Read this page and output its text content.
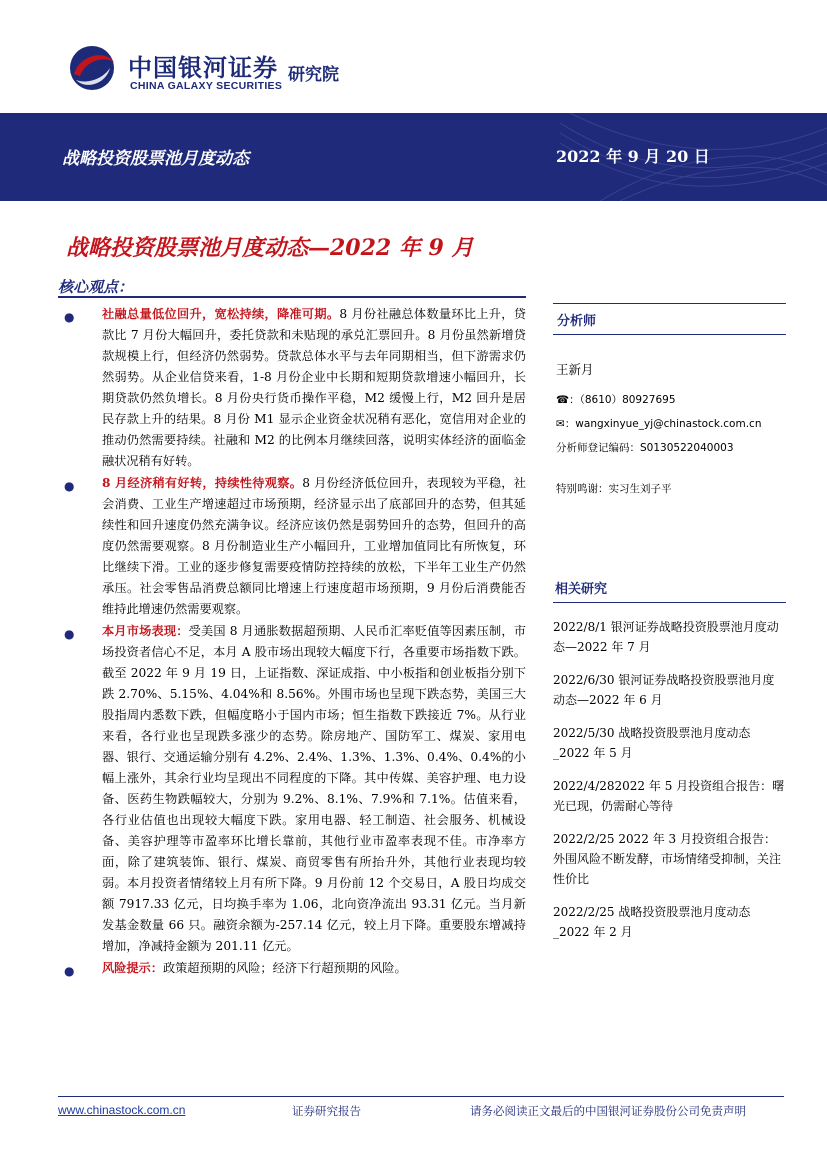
中国银河证券
CHINA GALAXY SECURITIES
研究院
战略投资股票池月度动态	2022 年 9 月 20 日
战略投资股票池月度动态—2022 年 9 月
核心观点：
● 社融总量低位回升，宽松持续，降准可期。8 月份社融总体数量环比上升，贷款比 7 月份大幅回升，委托贷款和未贴现的承兑汇票回升。8 月份虽然新增贷款规模上行，但经济仍然弱势。贷款总体水平与去年同期相当，但下游需求仍然弱势。从企业信贷来看，1-8 月份企业中长期和短期贷款增速小幅回升，长期贷款仍然负增长。8 月份央行货币操作平稳，M2 缓慢上行，M2 回升是居民存款上升的结果。8 月份 M1 显示企业资金状况稍有恶化，宽信用对企业的推动仍然需要持续。社融和 M2 的比例本月继续回落，说明实体经济的面临金融状况稍有好转。
● 8 月经济稍有好转，持续性待观察。8 月份经济低位回升，表现较为平稳，社会消费、工业生产增速超过市场预期，经济显示出了底部回升的态势，但其延续性和回升速度仍然充满争议。经济应该仍然是弱势回升的态势，但回升的高度仍然需要观察。8 月份制造业生产小幅回升，工业增加值同比有所恢复，环比继续下滑。工业的逐步修复需要疫情防控持续的放松，下半年工业生产仍然承压。社会零售品消费总额同比增速上行速度超市场预期，9 月份后消费能否维持此增速仍然需要观察。
● 本月市场表现：受美国 8 月通胀数据超预期、人民币汇率贬值等因素压制，市场投资者信心不足，本月 A 股市场出现较大幅度下行，各重要市场指数下跌。截至 2022 年 9 月 19 日，上证指数、深证成指、中小板指和创业板指分别下跌 2.70%、5.15%、4.04%和 8.56%。外围市场也呈现下跌态势，美国三大股指周内悉数下跌，但幅度略小于国内市场；恒生指数下跌接近 7%。从行业来看，各行业也呈现跌多涨少的态势。除房地产、国防军工、煤炭、家用电器、银行、交通运输分别有 4.2%、2.4%、1.3%、1.3%、0.4%、0.4%的小幅上涨外，其余行业均呈现出不同程度的下降。其中传媒、美容护理、电力设备、医药生物跌幅较大，分别为 9.2%、8.1%、7.9%和 7.1%。估值来看，各行业估值也出现较大幅度下跌。家用电器、轻工制造、社会服务、机械设备、美容护理等市盈率环比增长靠前，其他行业市盈率表现不佳。市净率方面，除了建筑装饰、银行、煤炭、商贸零售有所抬升外，其他行业表现均较弱。本月投资者情绪较上月有所下降。9 月份前 12 个交易日，A 股日均成交额 7917.33 亿元，日均换手率为 1.06，北向资净流出 93.31 亿元。当月新发基金数量 66 只。融资余额为-257.14 亿元，较上月下降。重要股东增减持增加，净减持金额为 201.11 亿元。
● 风险提示：政策超预期的风险；经济下行超预期的风险。
分析师
王新月
☎：（8610）80927695
✉：wangxinyue_yj@chinastock.com.cn
分析师登记编码：S0130522040003
特别鸣谢：实习生刘子平
相关研究
2022/8/1 银河证券战略投资股票池月度动态—2022 年 7 月
2022/6/30 银河证券战略投资股票池月度动态—2022 年 6 月
2022/5/30 战略投资股票池月度动态_2022 年 5 月
2022/4/282022 年 5 月投资组合报告：曙光已现，仍需耐心等待
2022/2/25 2022 年 3 月投资组合报告：外围风险不断发酵，市场情绪受抑制，关注性价比
2022/2/25 战略投资股票池月度动态_2022 年 2 月
www.chinastock.com.cn	证券研究报告	请务必阅读正文最后的中国银河证券股份公司免责声明
